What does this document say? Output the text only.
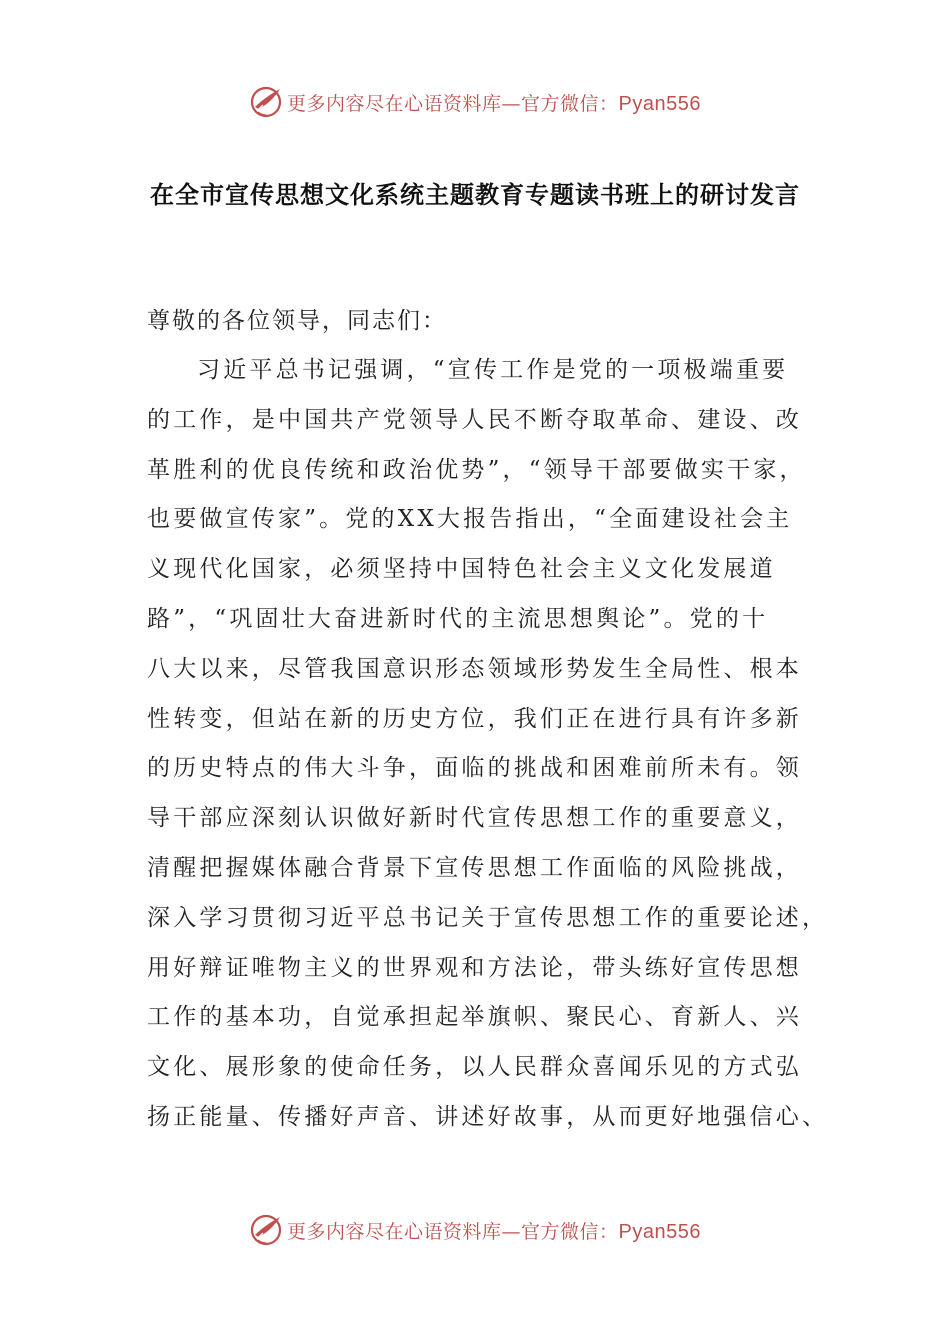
更多内容尽在心语资料库—官方微信：Pyan556
在全市宣传思想文化系统主题教育专题读书班上的研讨发言
尊敬的各位领导，同志们：
习近平总书记强调，“宣传工作是党的一项极端重要
的工作，是中国共产党领导人民不断夺取革命、建设、改
革胜利的优良传统和政治优势”，“领导干部要做实干家，
也要做宣传家”。党的XX大报告指出，“全面建设社会主
义现代化国家，必须坚持中国特色社会主义文化发展道
路”，“巩固壮大奋进新时代的主流思想舆论”。党的十
八大以来，尽管我国意识形态领域形势发生全局性、根本
性转变，但站在新的历史方位，我们正在进行具有许多新
的历史特点的伟大斗争，面临的挑战和困难前所未有。领
导干部应深刻认识做好新时代宣传思想工作的重要意义，
清醒把握媒体融合背景下宣传思想工作面临的风险挑战，
深入学习贯彻习近平总书记关于宣传思想工作的重要论述，
用好辩证唯物主义的世界观和方法论，带头练好宣传思想
工作的基本功，自觉承担起举旗帜、聚民心、育新人、兴
文化、展形象的使命任务，以人民群众喜闻乐见的方式弘
扬正能量、传播好声音、讲述好故事，从而更好地强信心、
更多内容尽在心语资料库—官方微信：Pyan556
